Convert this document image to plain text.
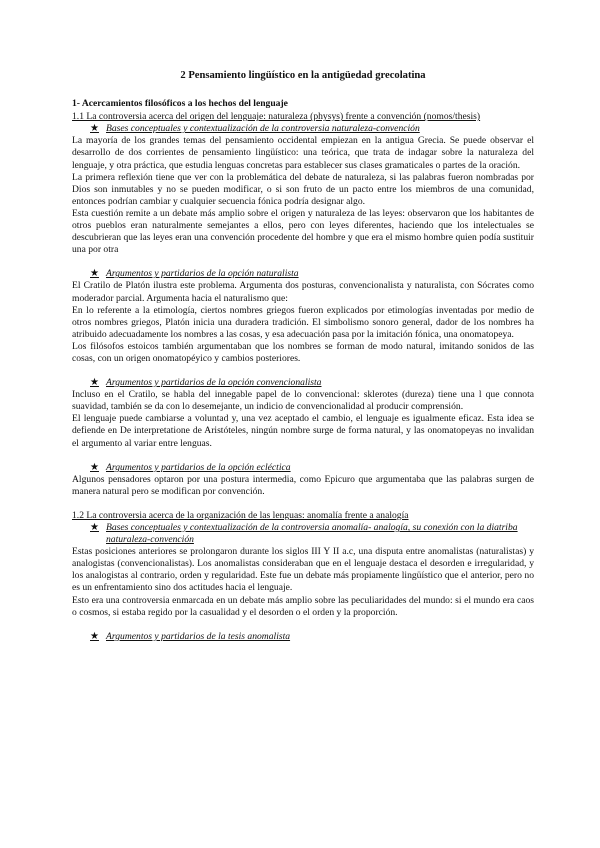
2 Pensamiento lingüístico en la antigüedad grecolatina
1- Acercamientos filosóficos a los hechos del lenguaje
1.1 La controversia acerca del origen del lenguaje: naturaleza (physys) frente a convención (nomos/thesis)
★ Bases conceptuales y contextualización de la controversia naturaleza-convención

La mayoría de los grandes temas del pensamiento occidental empiezan en la antigua Grecia. Se puede observar el desarrollo de dos corrientes de pensamiento lingüístico: una teórica, que trata de indagar sobre la naturaleza del lenguaje, y otra práctica, que estudia lenguas concretas para establecer sus clases gramaticales o partes de la oración.

La primera reflexión tiene que ver con la problemática del debate de naturaleza, si las palabras fueron nombradas por Dios son inmutables y no se pueden modificar, o si son fruto de un pacto entre los miembros de una comunidad, entonces podrían cambiar y cualquier secuencia fónica podría designar algo.

Esta cuestión remite a un debate más amplio sobre el origen y naturaleza de las leyes: observaron que los habitantes de otros pueblos eran naturalmente semejantes a ellos, pero con leyes diferentes, haciendo que los intelectuales se descubrieran que las leyes eran una convención procedente del hombre y que era el mismo hombre quien podía sustituir una por otra

★ Argumentos y partidarios de la opción naturalista

El Cratilo de Platón ilustra este problema. Argumenta dos posturas, convencionalista y naturalista, con Sócrates como moderador parcial. Argumenta hacia el naturalismo que:

En lo referente a la etimología, ciertos nombres griegos fueron explicados por etimologías inventadas por medio de otros nombres griegos, Platón inicia una duradera tradición. El simbolismo sonoro general, dador de los nombres ha atribuido adecuadamente los nombres a las cosas, y esa adecuación pasa por la imitación fónica, una onomatopeya.

Los filósofos estoicos también argumentaban que los nombres se forman de modo natural, imitando sonidos de las cosas, con un origen onomatopéyico y cambios posteriores.

★ Argumentos y partidarios de la opción convencionalista

Incluso en el Cratilo, se habla del innegable papel de lo convencional: sklerotes (dureza) tiene una l que connota suavidad, también se da con lo desemejante, un indicio de convencionalidad al producir comprensión.

El lenguaje puede cambiarse a voluntad y, una vez aceptado el cambio, el lenguaje es igualmente eficaz. Esta idea se defiende en De interpretatione de Aristóteles, ningún nombre surge de forma natural, y las onomatopeyas no invalidan el argumento al variar entre lenguas.

★ Argumentos y partidarios de la opción ecléctica

Algunos pensadores optaron por una postura intermedia, como Epicuro que argumentaba que las palabras surgen de manera natural pero se modifican por convención.

1.2 La controversia acerca de la organización de las lenguas: anomalía frente a analogía
★ Bases conceptuales y contextualización de la controversia anomalía- analogía, su conexión con la diatriba naturaleza-convención

Estas posiciones anteriores se prolongaron durante los siglos III Y II a.c, una disputa entre anomalistas (naturalistas) y analogistas (convencionalistas). Los anomalistas consideraban que en el lenguaje destaca el desorden e irregularidad, y los analogistas al contrario, orden y regularidad. Este fue un debate más propiamente lingüístico que el anterior, pero no es un enfrentamiento sino dos actitudes hacia el lenguaje.

Esto era una controversia enmarcada en un debate más amplio sobre las peculiaridades del mundo: si el mundo era caos o cosmos, si estaba regido por la casualidad y el desorden o el orden y la proporción.

★ Argumentos y partidarios de la tesis anomalista
